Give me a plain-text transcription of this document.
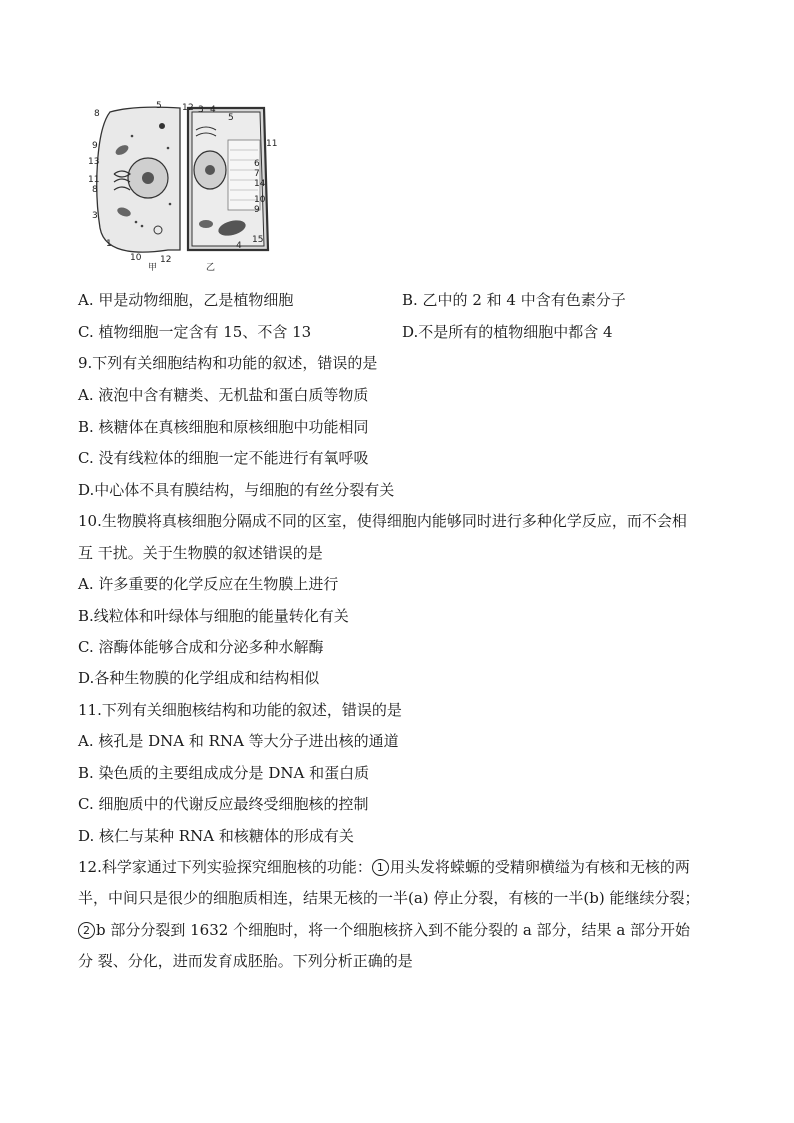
8
5
9
13
11
8
3
1
10 12
1 2 3 4
5
11
6
7
14
10
9
4
15
甲	乙
A. 甲是动物细胞，乙是植物细胞	B. 乙中的 2 和 4 中含有色素分子
C. 植物细胞一定含有 15、不含 13	D.不是所有的植物细胞中都含 4
9.下列有关细胞结构和功能的叙述，错误的是
A. 液泡中含有糖类、无机盐和蛋白质等物质
B. 核糖体在真核细胞和原核细胞中功能相同
C. 没有线粒体的细胞一定不能进行有氧呼吸
D.中心体不具有膜结构，与细胞的有丝分裂有关
10.生物膜将真核细胞分隔成不同的区室，使得细胞内能够同时进行多种化学反应，而不会相
互 干扰。关于生物膜的叙述错误的是
A. 许多重要的化学反应在生物膜上进行
B.线粒体和叶绿体与细胞的能量转化有关
C. 溶酶体能够合成和分泌多种水解酶
D.各种生物膜的化学组成和结构相似
11.下列有关细胞核结构和功能的叙述，错误的是
A. 核孔是 DNA 和 RNA 等大分子进出核的通道
B. 染色质的主要组成成分是 DNA 和蛋白质
C. 细胞质中的代谢反应最终受细胞核的控制
D. 核仁与某种 RNA 和核糖体的形成有关
12.科学家通过下列实验探究细胞核的功能： 1 用头发将蝾螈的受精卵横缢为有核和无核的两
半，中间只是很少的细胞质相连，结果无核的一半(a) 停止分裂，有核的一半(b) 能继续分裂；
2 b 部分分裂到 1632 个细胞时，将一个细胞核挤入到不能分裂的 a 部分，结果 a 部分开始
分 裂、分化，进而发育成胚胎。下列分析正确的是
